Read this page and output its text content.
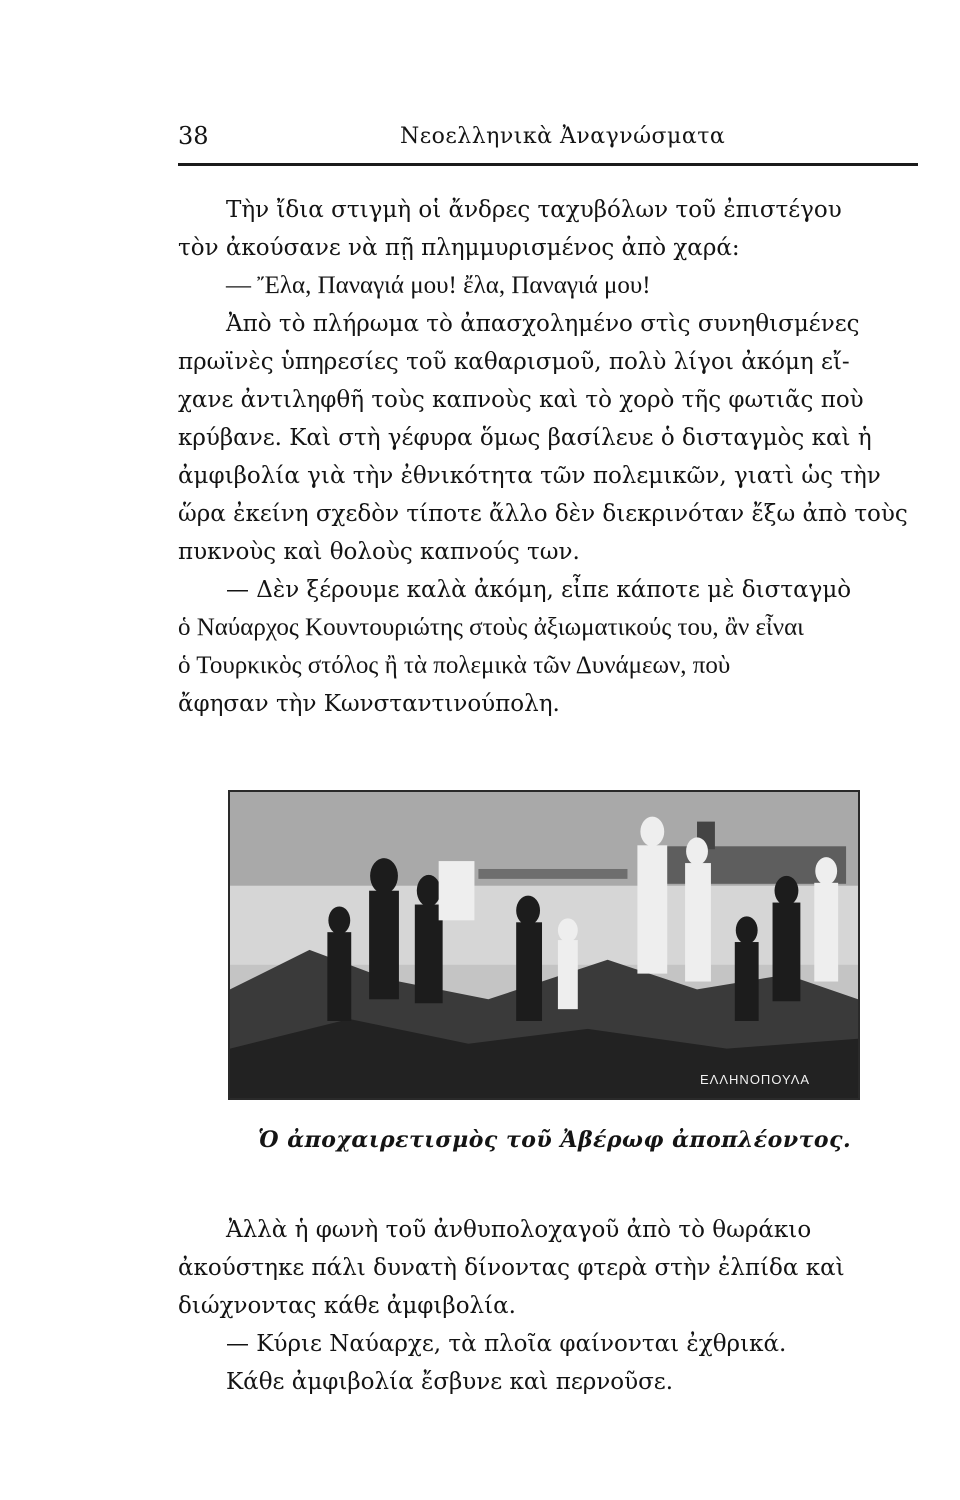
38	Νεοελληνικὰ Ἀναγνώσματα
Τὴν ἴδια στιγμὴ οἱ ἄνδρες ταχυβόλων τοῦ ἐπιστέγου
τὸν ἀκούσανε νὰ πῇ πλημμυρισμένος ἀπὸ χαρά:
— Ἔλα, Παναγιά μου! ἔλα, Παναγιά μου!
Ἀπὸ τὸ πλήρωμα τὸ ἀπασχολημένο στὶς συνηθισμένες
πρωϊνὲς ὑπηρεσίες τοῦ καθαρισμοῦ, πολὺ λίγοι ἀκόμη εἴ-
χανε ἀντιληφθῆ τοὺς καπνοὺς καὶ τὸ χορὸ τῆς φωτιᾶς ποὺ
κρύβανε. Καὶ στὴ γέφυρα ὅμως βασίλευε ὁ δισταγμὸς καὶ ἡ
ἀμφιβολία γιὰ τὴν ἐθνικότητα τῶν πολεμικῶν, γιατὶ ὡς τὴν
ὥρα ἐκείνη σχεδὸν τίποτε ἄλλο δὲν διεκρινόταν ἔξω ἀπὸ τοὺς
πυκνοὺς καὶ θολοὺς καπνούς των.
— Δὲν ξέρουμε καλὰ ἀκόμη, εἶπε κάποτε μὲ δισταγμὸ
ὁ Ναύαρχος Κουντουριώτης στοὺς ἀξιωματικούς του, ἂν εἶναι
ὁ Τουρκικὸς στόλος ἢ τὰ πολεμικὰ τῶν Δυνάμεων, ποὺ
ἄφησαν τὴν Κωνσταντινούπολη.
ΕΛΛΗΝΟΠΟΥΛΑ
Ὁ ἀποχαιρετισμὸς τοῦ Ἀβέρωφ ἀποπλέοντος.
Ἀλλὰ ἡ φωνὴ τοῦ ἀνθυπολοχαγοῦ ἀπὸ τὸ θωράκιο
ἀκούστηκε πάλι δυνατὴ δίνοντας φτερὰ στὴν ἐλπίδα καὶ
διώχνοντας κάθε ἀμφιβολία.
— Κύριε Ναύαρχε, τὰ πλοῖα φαίνονται ἐχθρικά.
Κάθε ἀμφιβολία ἔσβυνε καὶ περνοῦσε.
